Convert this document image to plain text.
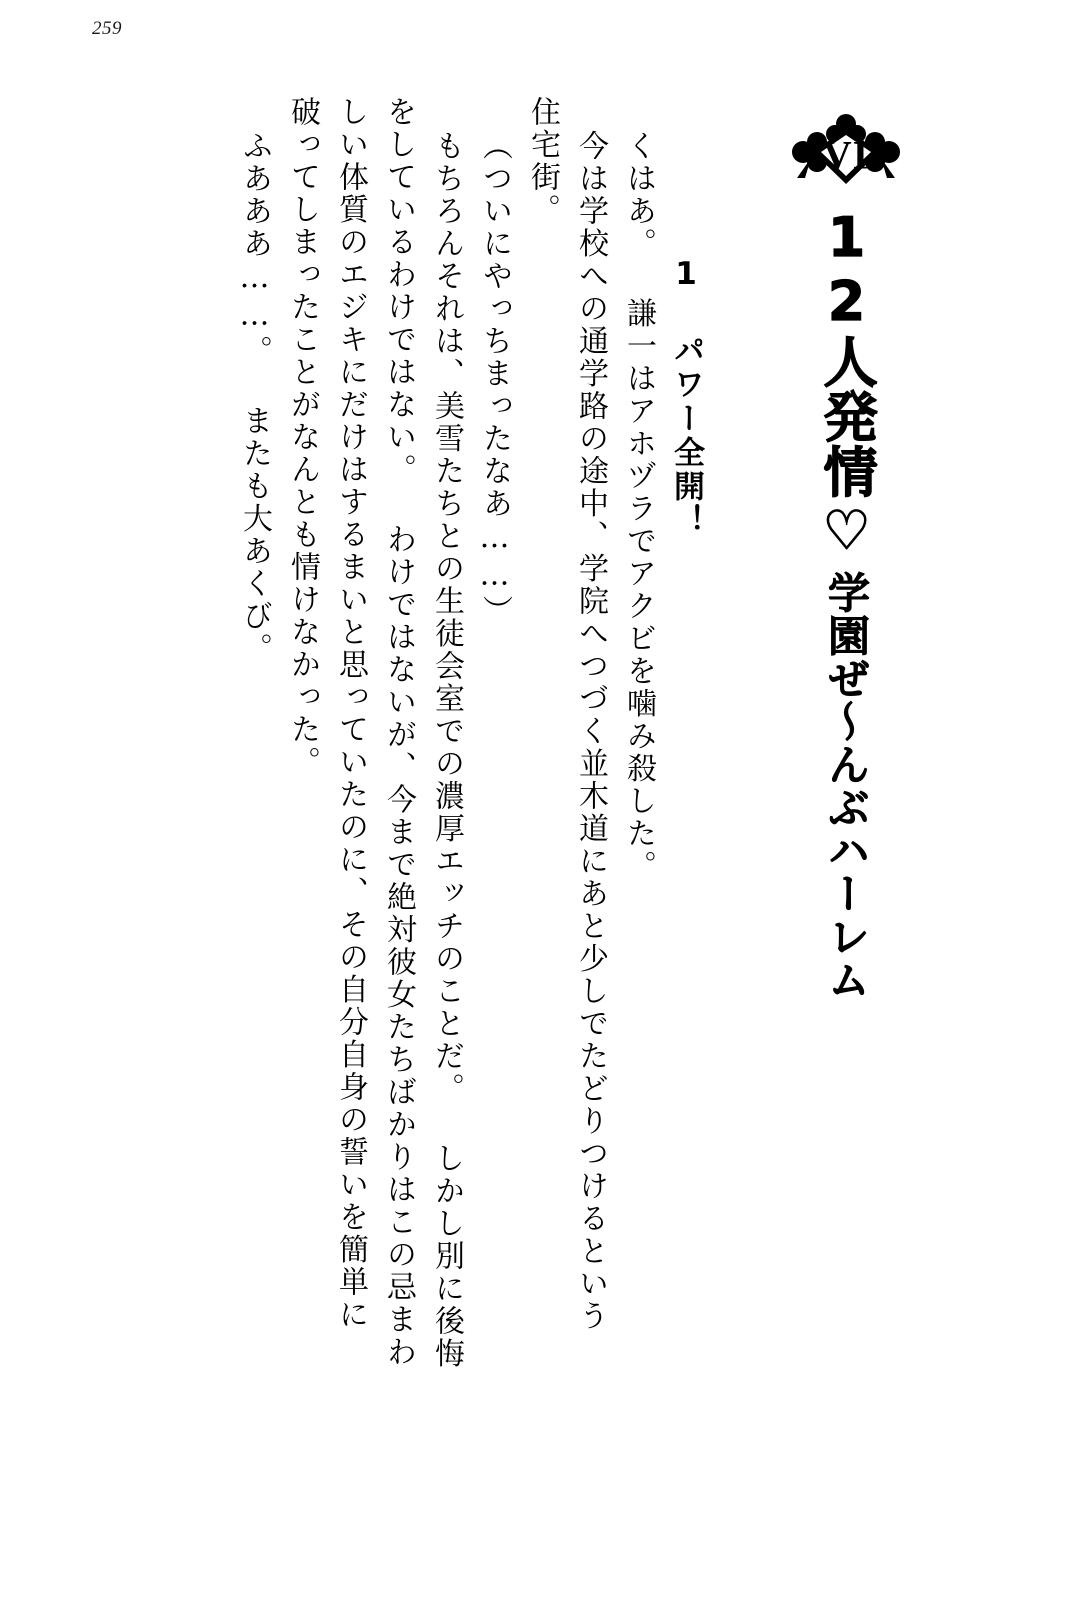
259
VI
12人発情♡
学園ぜ～んぶハーレム
1 パワー全開！
くはあ。 謙一はアホヅラでアクビを噛み殺した。
今は学校への通学路の途中、学院へつづく並木道にあと少しでたどりつけるという
住宅街。
（ついにやっちまったなあ……）
もちろんそれは、美雪たちとの生徒会室での濃厚エッチのことだ。 しかし別に後悔
をしているわけではない。 わけではないが、今まで絶対彼女たちばかりはこの忌まわ
しい体質のエジキにだけはするまいと思っていたのに、その自分自身の誓いを簡単に
破ってしまったことがなんとも情けなかった。
ふあああ……。 またも大あくび。
